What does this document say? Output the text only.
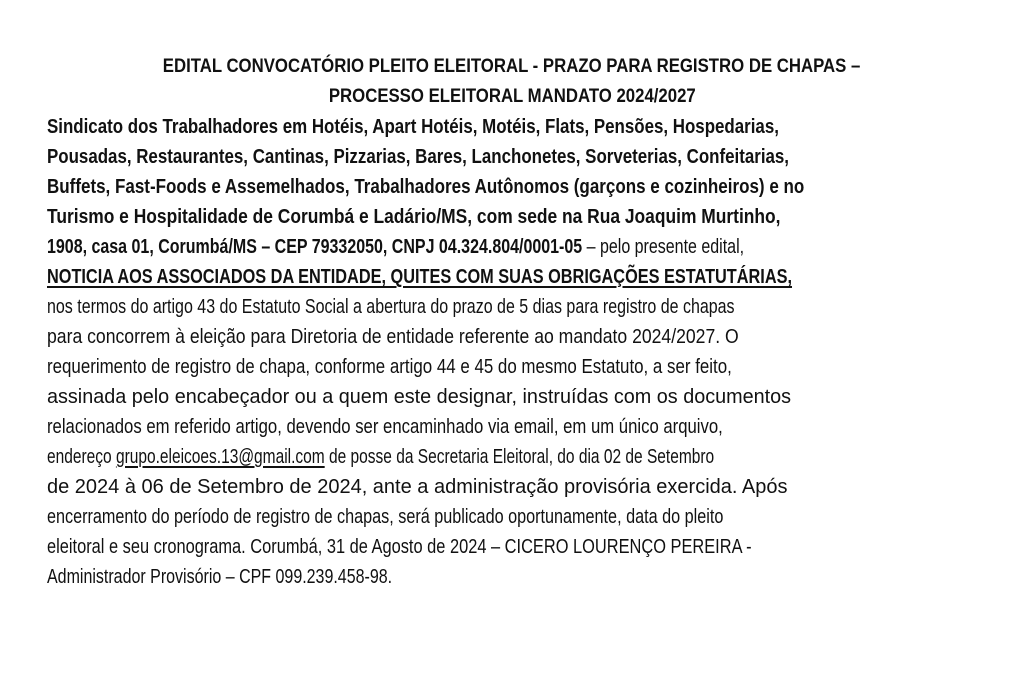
EDITAL CONVOCATÓRIO PLEITO ELEITORAL - PRAZO PARA REGISTRO DE CHAPAS –
PROCESSO ELEITORAL MANDATO 2024/2027
Sindicato dos Trabalhadores em Hotéis, Apart Hotéis, Motéis, Flats, Pensões, Hospedarias,
Pousadas, Restaurantes, Cantinas, Pizzarias, Bares, Lanchonetes, Sorveterias, Confeitarias,
Buffets, Fast-Foods e Assemelhados, Trabalhadores Autônomos (garçons e cozinheiros) e no
Turismo e Hospitalidade de Corumbá e Ladário/MS, com sede na Rua Joaquim Murtinho,
1908, casa 01, Corumbá/MS – CEP 79332050, CNPJ 04.324.804/0001-05 – pelo presente edital,
NOTICIA AOS ASSOCIADOS DA ENTIDADE, QUITES COM SUAS OBRIGAÇÕES ESTATUTÁRIAS,
nos termos do artigo 43 do Estatuto Social a abertura do prazo de 5 dias para registro de chapas
para concorrem à eleição para Diretoria de entidade referente ao mandato 2024/2027. O
requerimento de registro de chapa, conforme artigo 44 e 45 do mesmo Estatuto, a ser feito,
assinada pelo encabeçador ou a quem este designar, instruídas com os documentos
relacionados em referido artigo, devendo ser encaminhado via email, em um único arquivo,
endereço grupo.eleicoes.13@gmail.com de posse da Secretaria Eleitoral, do dia 02 de Setembro
de 2024 à 06 de Setembro de 2024, ante a administração provisória exercida. Após
encerramento do período de registro de chapas, será publicado oportunamente, data do pleito
eleitoral e seu cronograma. Corumbá, 31 de Agosto de 2024 – CICERO LOURENÇO PEREIRA -
Administrador Provisório – CPF 099.239.458-98.
